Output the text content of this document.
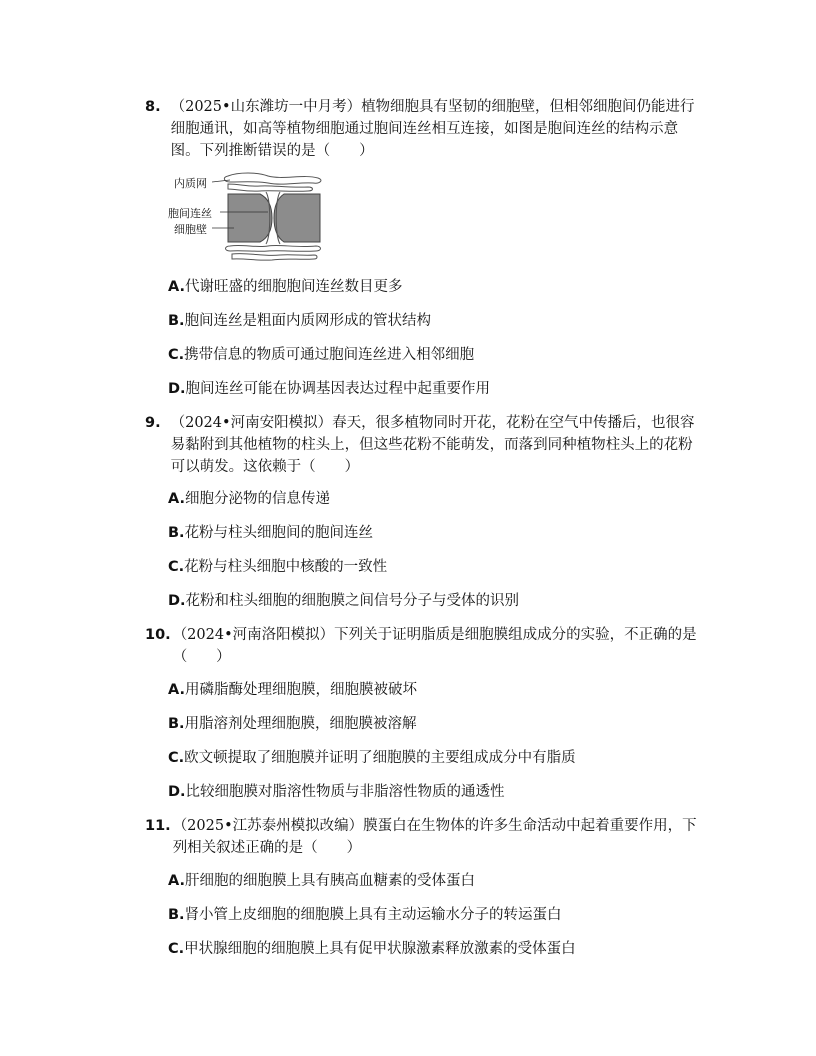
8. （2025•山东潍坊一中月考）植物细胞具有坚韧的细胞壁，但相邻细胞间仍能进行细胞通讯，如高等植物细胞通过胞间连丝相互连接，如图是胞间连丝的结构示意图。下列推断错误的是（　　）
内质网
胞间连丝
细胞壁
A.代谢旺盛的细胞胞间连丝数目更多
B.胞间连丝是粗面内质网形成的管状结构
C.携带信息的物质可通过胞间连丝进入相邻细胞
D.胞间连丝可能在协调基因表达过程中起重要作用
9. （2024•河南安阳模拟）春天，很多植物同时开花，花粉在空气中传播后，也很容易黏附到其他植物的柱头上，但这些花粉不能萌发，而落到同种植物柱头上的花粉可以萌发。这依赖于（　　）
A.细胞分泌物的信息传递
B.花粉与柱头细胞间的胞间连丝
C.花粉与柱头细胞中核酸的一致性
D.花粉和柱头细胞的细胞膜之间信号分子与受体的识别
10. （2024•河南洛阳模拟）下列关于证明脂质是细胞膜组成成分的实验，不正确的是（　　）
A.用磷脂酶处理细胞膜，细胞膜被破坏
B.用脂溶剂处理细胞膜，细胞膜被溶解
C.欧文顿提取了细胞膜并证明了细胞膜的主要组成成分中有脂质
D.比较细胞膜对脂溶性物质与非脂溶性物质的通透性
11. （2025•江苏泰州模拟改编）膜蛋白在生物体的许多生命活动中起着重要作用，下列相关叙述正确的是（　　）
A.肝细胞的细胞膜上具有胰高血糖素的受体蛋白
B.肾小管上皮细胞的细胞膜上具有主动运输水分子的转运蛋白
C.甲状腺细胞的细胞膜上具有促甲状腺激素释放激素的受体蛋白
